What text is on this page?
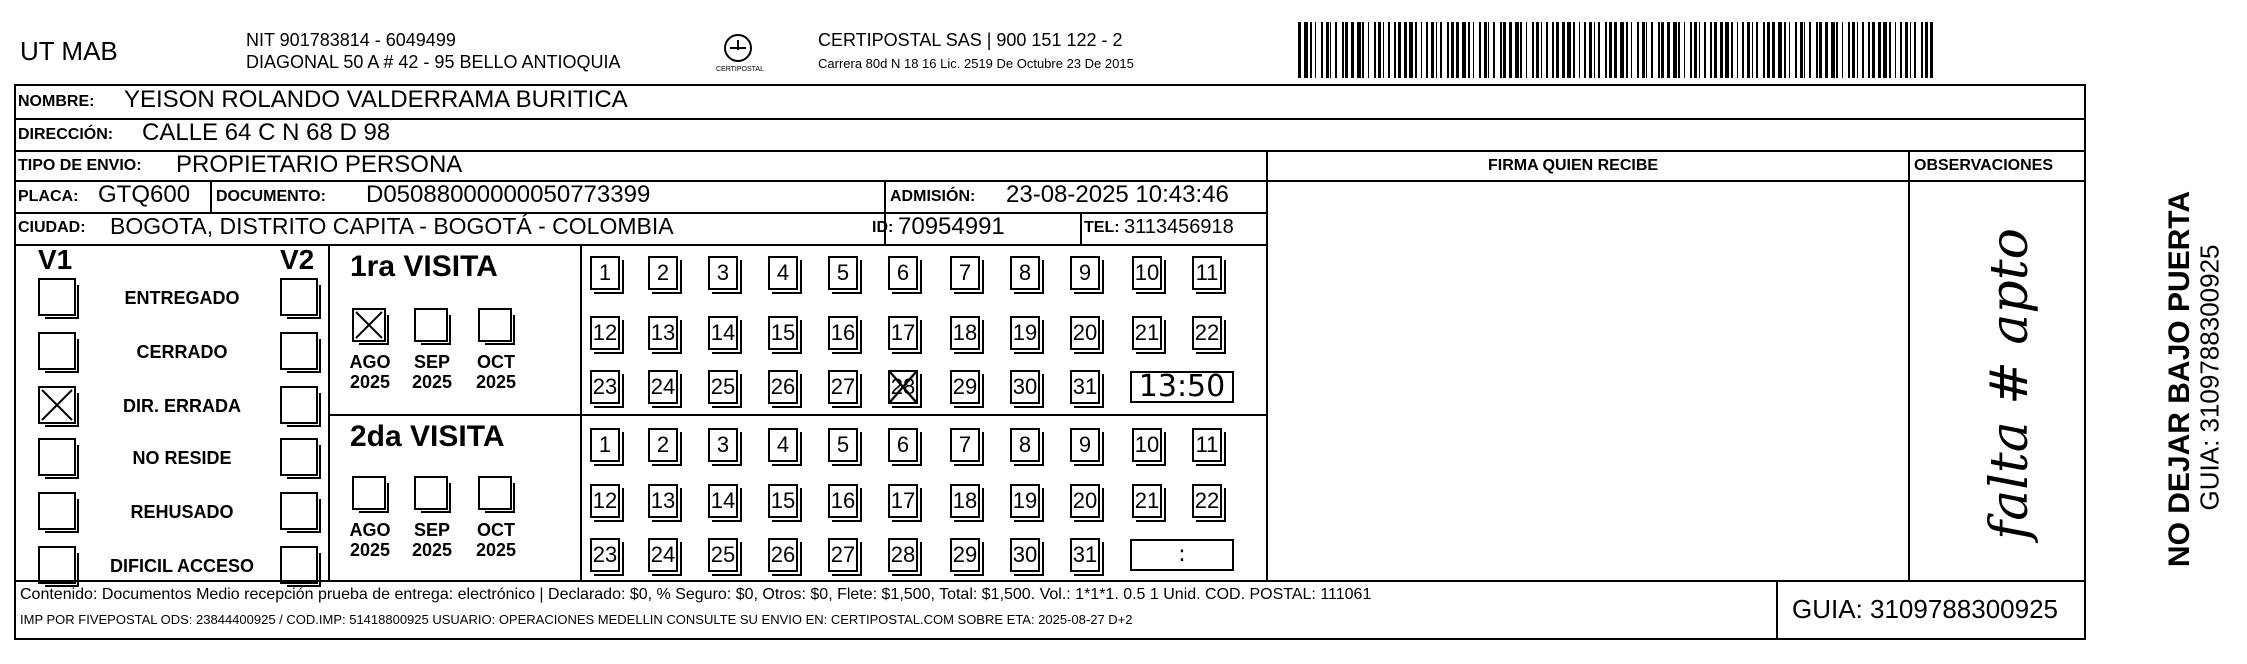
UT MAB	NIT 901783814 - 6049499
DIAGONAL 50 A # 42 - 95 BELLO ANTIOQUIA	CERTIPOSTAL
CERTIPOSTAL SAS | 900 151 122 - 2
Carrera 80d N 18 16 Lic. 2519 De Octubre 23 De 2015
NOMBRE: YEISON ROLANDO VALDERRAMA BURITICA
DIRECCIÓN: CALLE 64 C N 68 D 98
TIPO DE ENVIO: PROPIETARIO PERSONA	FIRMA QUIEN RECIBE	OBSERVACIONES
PLACA: GTQ600 DOCUMENTO: D05088000000050773399	ADMISIÓN: 23-08-2025 10:43:46
CIUDAD: BOGOTA, DISTRITO CAPITA - BOGOTÁ - COLOMBIA	ID: 70954991	TEL: 3113456918
V1	V2
ENTREGADO
CERRADO
DIR. ERRADA
NO RESIDE
REHUSADO
DIFICIL ACCESO
1ra VISITA
2da VISITA
AGO
2025
SEP
2025
OCT
2025
AGO
2025
SEP
2025
OCT
2025
1	2	3	4	5	6	7	8	9	10 11
12 13 14 15 16 17 18 19 20 21 22
23 24 25 26 27 28 29 30 31 13:50
1	2	3	4	5	6	7	8	9	10 11
12 13 14 15 16 17 18 19 20 21 22
23 24 25 26 27 28 29 30 31	:
falta # apto
Contenido: Documentos Medio recepción prueba de entrega: electrónico | Declarado: $0, % Seguro: $0, Otros: $0, Flete: $1,500, Total: $1,500. Vol.: 1*1*1. 0.5 1 Unid. COD. POSTAL: 111061
IMP POR FIVEPOSTAL ODS: 23844400925 / COD.IMP: 51418800925 USUARIO: OPERACIONES MEDELLIN CONSULTE SU ENVIO EN: CERTIPOSTAL.COM SOBRE ETA: 2025-08-27 D+2	GUIA: 3109788300925
NO DEJAR BAJO PUERTA
GUIA: 3109788300925
